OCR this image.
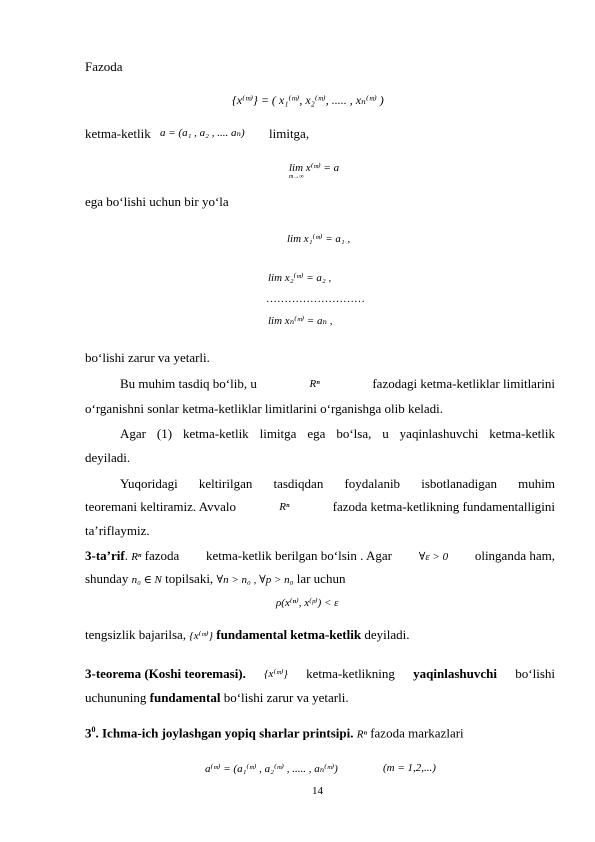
Fazoda
{x⁽ᵐ⁾} = ( x₁⁽ᵐ⁾, x₂⁽ᵐ⁾, ..... , xₙ⁽ᵐ⁾ )
ketma-ketlik a = (a₁ , a₂ , .... aₙ) limitga,
lim x⁽ᵐ⁾ = a
m→∞
ega bo‘lishi uchun bir yo‘la
lim x₁⁽ᵐ⁾ = a₁ ,
lim x₂⁽ᵐ⁾ = a₂ ,
………………………
lim xₙ⁽ᵐ⁾ = aₙ ,
bo‘lishi zarur va yetarli.
Bu muhim tasdiq bo‘lib, u	Rⁿ	fazodagi ketma-ketliklar limitlarini
o‘rganishni sonlar ketma-ketliklar limitlarini o‘rganishga olib keladi.
Agar (1) ketma-ketlik limitga ega bo‘lsa, u yaqinlashuvchi ketma-ketlik
deyiladi.
Yuqoridagi keltirilgan tasdiqdan foydalanib isbotlanadigan muhim
teoremani keltiramiz. Avvalo	Rⁿ	fazoda ketma-ketlikning fundamentalligini
ta’riflaymiz.
3-ta’rif. Rⁿ fazoda ketma-ketlik berilgan bo‘lsin . Agar ∀ε > 0 olinganda ham,
shunday n₀ ∈ N topilsaki, ∀n > n₀ , ∀p > n₀ lar uchun
ρ(x⁽ⁿ⁾, x⁽ᵖ⁾) < ε
tengsizlik bajarilsa, {x⁽ᵐ⁾} fundamental ketma-ketlik deyiladi.
3-teorema (Koshi teoremasi). {x⁽ᵐ⁾} ketma-ketlikning yaqinlashuvchi bo‘lishi
uchununing fundamental bo‘lishi zarur va yetarli.
$3^0$. Ichma-ich joylashgan yopiq sharlar printsipi. Rⁿ fazoda markazlari
a⁽ᵐ⁾ = (a₁⁽ᵐ⁾ , a₂⁽ᵐ⁾ , ..... , aₙ⁽ᵐ⁾)	(m = 1,2,...)
14
